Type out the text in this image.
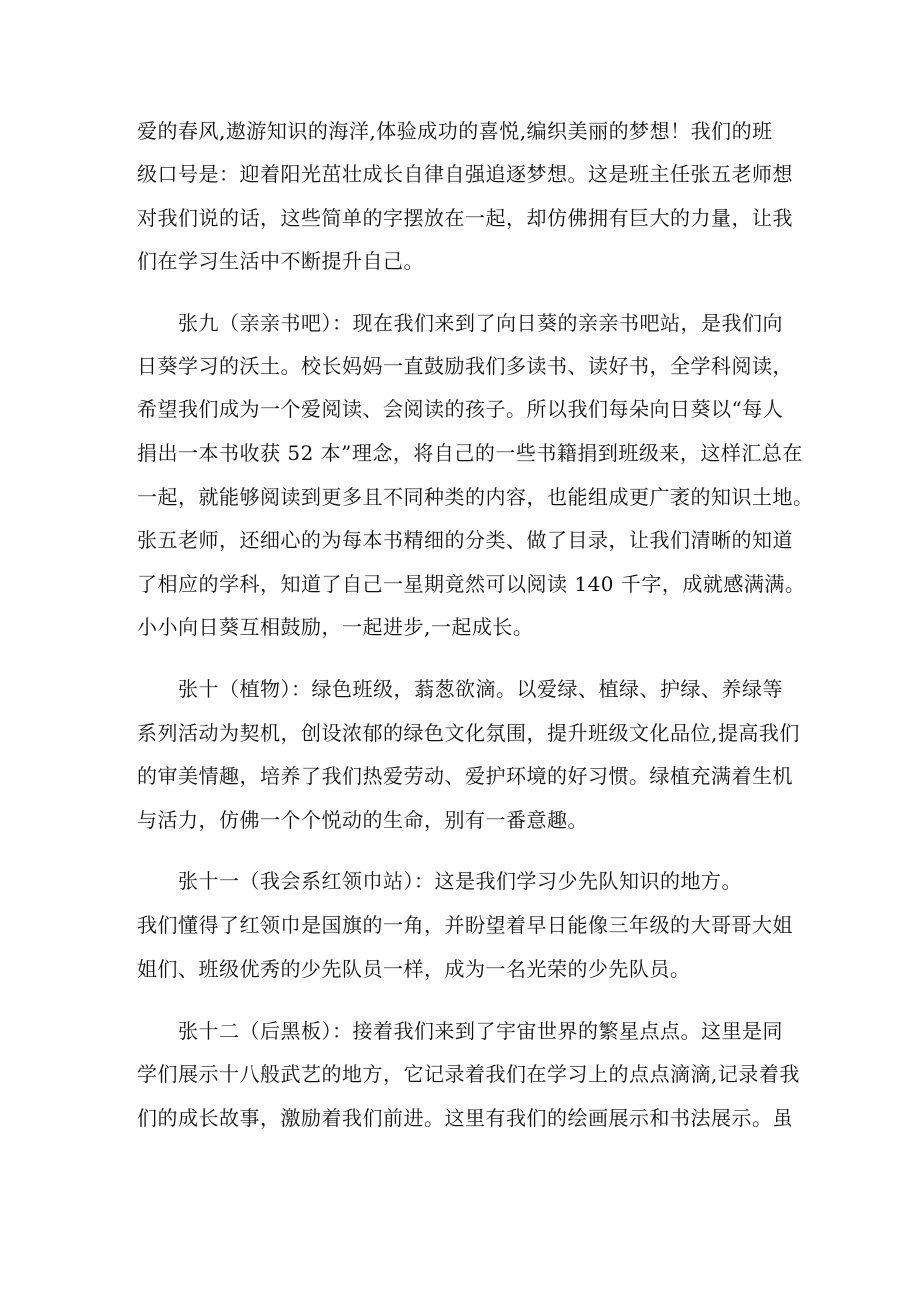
爱的春风,遨游知识的海洋,体验成功的喜悦,编织美丽的梦想！我们的班
级口号是：迎着阳光茁壮成长自律自强追逐梦想。这是班主任张五老师想
对我们说的话，这些简单的字摆放在一起，却仿佛拥有巨大的力量，让我
们在学习生活中不断提升自己。
张九（亲亲书吧）：现在我们来到了向日葵的亲亲书吧站，是我们向
日葵学习的沃土。校长妈妈一直鼓励我们多读书、读好书，全学科阅读，
希望我们成为一个爱阅读、会阅读的孩子。所以我们每朵向日葵以“每人
捐出一本书收获 52 本”理念，将自己的一些书籍捐到班级来，这样汇总在
一起，就能够阅读到更多且不同种类的内容，也能组成更广袤的知识土地。
张五老师，还细心的为每本书精细的分类、做了目录，让我们清晰的知道
了相应的学科，知道了自己一星期竟然可以阅读 140 千字，成就感满满。
小小向日葵互相鼓励，一起进步,一起成长。
张十（植物）：绿色班级，蓊葱欲滴。以爱绿、植绿、护绿、养绿等
系列活动为契机，创设浓郁的绿色文化氛围，提升班级文化品位,提高我们
的审美情趣，培养了我们热爱劳动、爱护环境的好习惯。绿植充满着生机
与活力，仿佛一个个悦动的生命，别有一番意趣。
张十一（我会系红领巾站）：这是我们学习少先队知识的地方。
我们懂得了红领巾是国旗的一角，并盼望着早日能像三年级的大哥哥大姐
姐们、班级优秀的少先队员一样，成为一名光荣的少先队员。
张十二（后黑板）：接着我们来到了宇宙世界的繁星点点。这里是同
学们展示十八般武艺的地方，它记录着我们在学习上的点点滴滴,记录着我
们的成长故事，激励着我们前进。这里有我们的绘画展示和书法展示。虽
